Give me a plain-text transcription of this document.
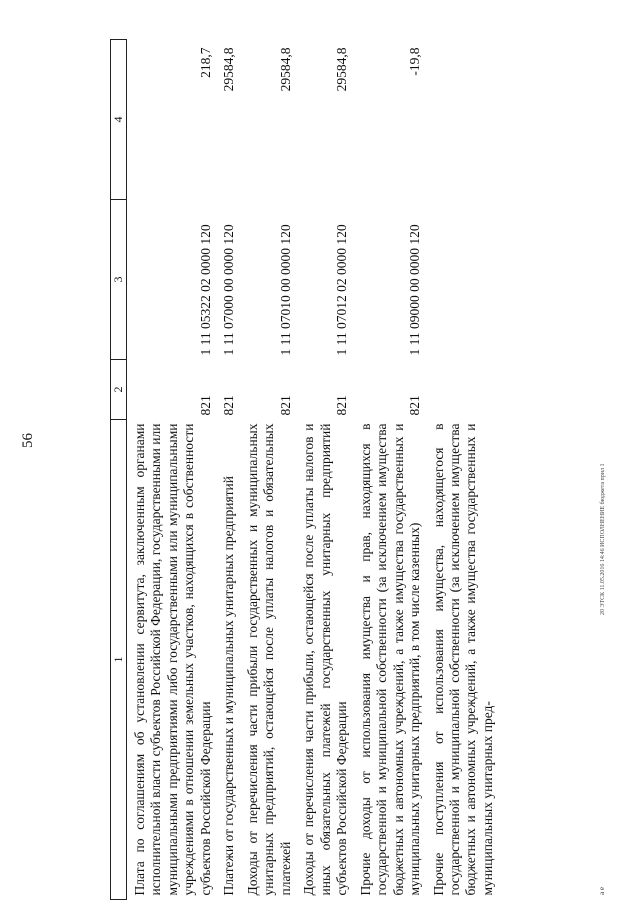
56
20 ЭТСК 11.05.2016 14:46 ИСПОЛНЕНИЕ бюджета прил 1
a e
1	2	3	4
Плата по соглашениям об установлении сервитута, заключенным органами исполнительной власти субъектов Российской Федерации, государственными или муниципальными предприятиями либо государственными или муниципальными учреждениями в отношении земельных участков, находящихся в собственности субъектов Российской Федерации	821	1 11 05322 02 0000 120	218,7
Платежи от государственных и муниципальных унитарных предприятий	821	1 11 07000 00 0000 120	29584,8
Доходы от перечисления части прибыли государственных и муниципальных унитарных предприятий, остающейся после уплаты налогов и обязательных платежей	821	1 11 07010 00 0000 120	29584,8
Доходы от перечисления части прибыли, остающейся после уплаты налогов и иных обязательных платежей государственных унитарных предприятий субъектов Российской Федерации	821	1 11 07012 02 0000 120	29584,8
Прочие доходы от использования имущества и прав, находящихся в государственной и муниципальной собственности (за исключением имущества бюджетных и автономных учреждений, а также имущества государственных и муниципальных унитарных предприятий, в том числе казенных)	821	1 11 09000 00 0000 120	-19,8
Прочие поступления от использования имущества, находящегося в государственной и муниципальной собственности (за исключением имущества бюджетных и автономных учреждений, а также имущества государственных и муниципальных унитарных пред-			
